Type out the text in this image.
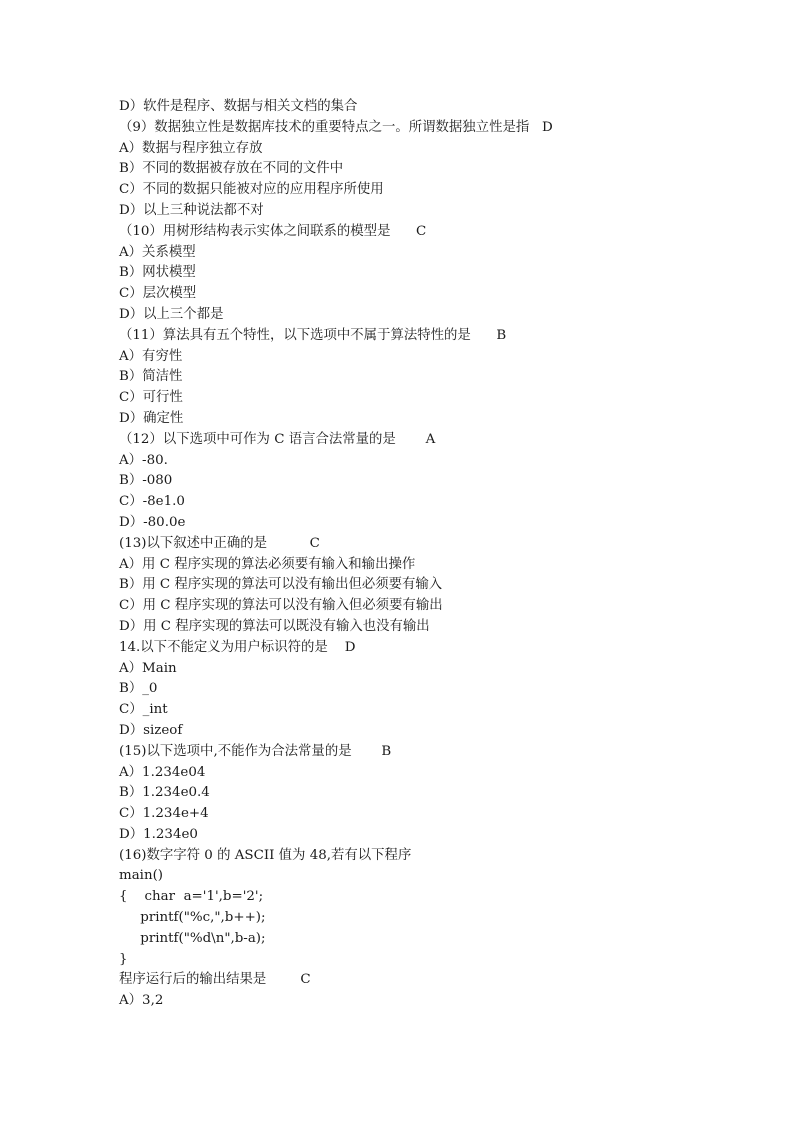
D）软件是程序、数据与相关文档的集合
（9）数据独立性是数据库技术的重要特点之一。所谓数据独立性是指   D
A）数据与程序独立存放
B）不同的数据被存放在不同的文件中
C）不同的数据只能被对应的应用程序所使用
D）以上三种说法都不对
（10）用树形结构表示实体之间联系的模型是      C
A）关系模型
B）网状模型
C）层次模型
D）以上三个都是
（11）算法具有五个特性，以下选项中不属于算法特性的是      B
A）有穷性
B）简洁性
C）可行性
D）确定性
（12）以下选项中可作为 C 语言合法常量的是       A
A）-80.
B）-080
C）-8e1.0
D）-80.0e
(13)以下叙述中正确的是          C
A）用 C 程序实现的算法必须要有输入和输出操作
B）用 C 程序实现的算法可以没有输出但必须要有输入
C）用 C 程序实现的算法可以没有输入但必须要有输出
D）用 C 程序实现的算法可以既没有输入也没有输出
14.以下不能定义为用户标识符的是    D
A）Main
B）_0
C）_int
D）sizeof
(15)以下选项中,不能作为合法常量的是       B
A）1.234e04
B）1.234e0.4
C）1.234e+4
D）1.234e0
(16)数字字符 0 的 ASCII 值为 48,若有以下程序
main()
{    char  a='1',b='2';
printf("%c,",b++);
printf("%d\n",b-a);
}
程序运行后的输出结果是        C
A）3,2
